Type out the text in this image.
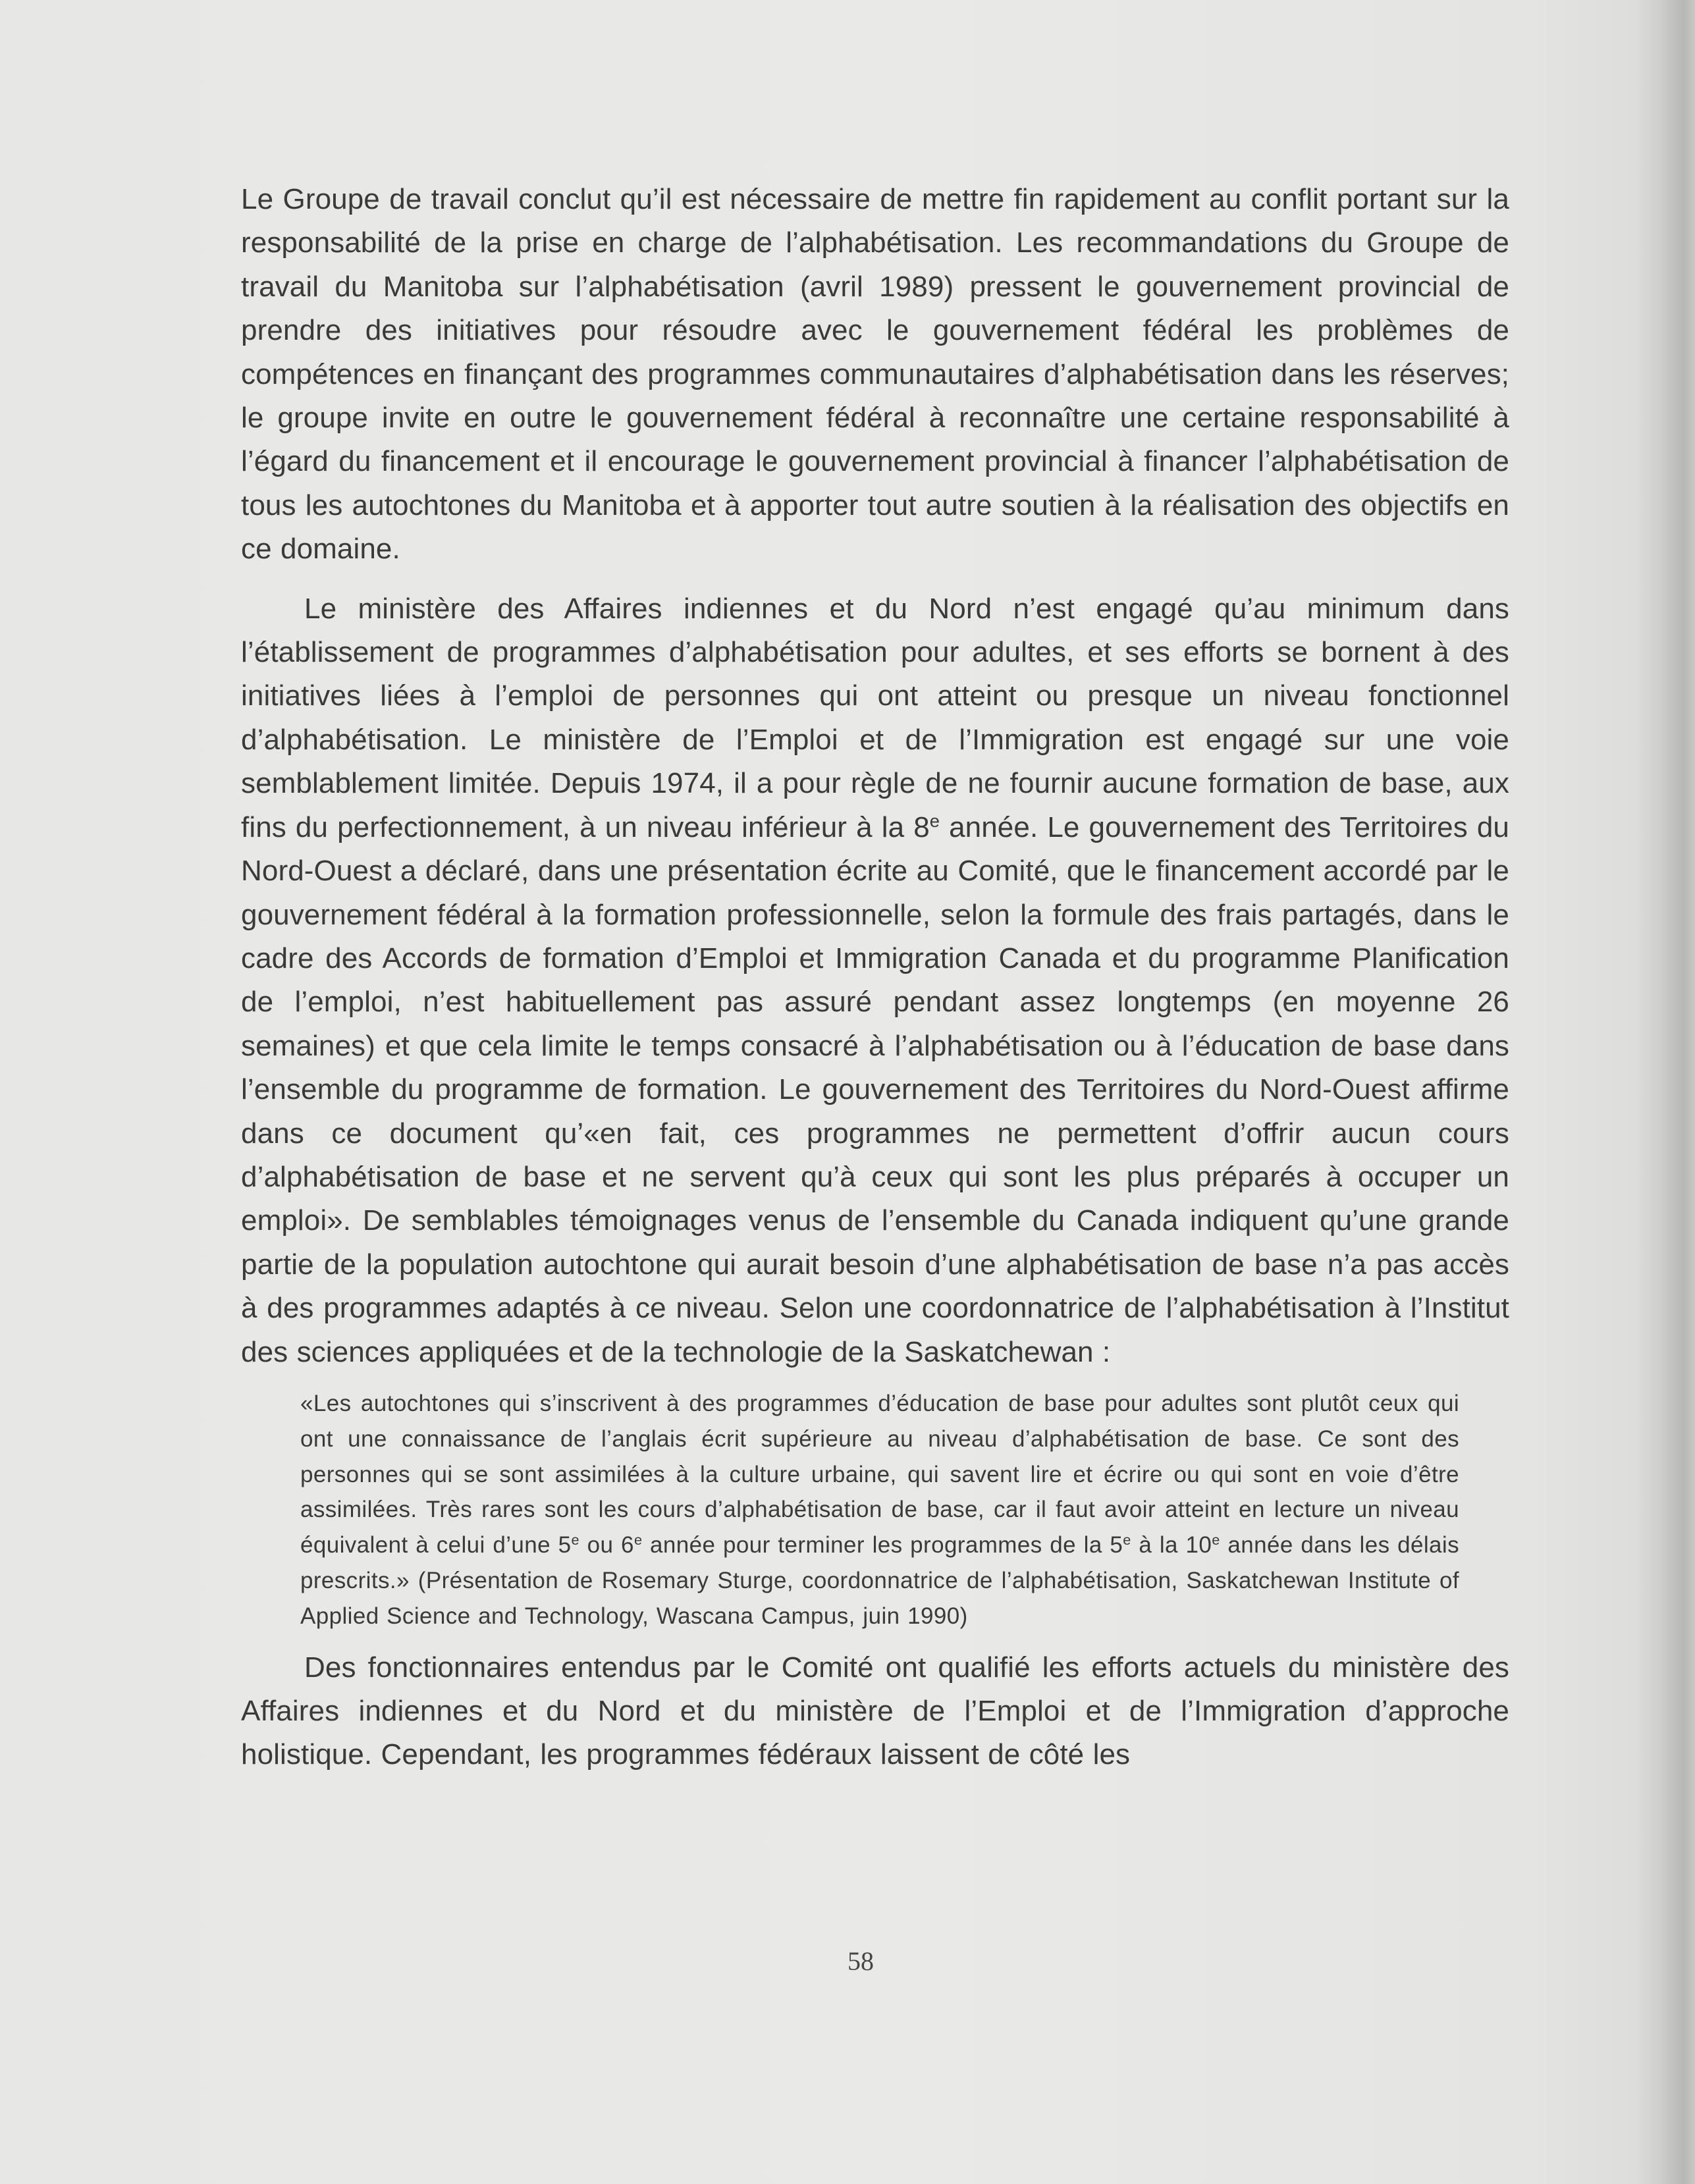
Le Groupe de travail conclut qu’il est nécessaire de mettre fin rapidement au conflit portant sur la responsabilité de la prise en charge de l’alphabétisation. Les recommandations du Groupe de travail du Manitoba sur l’alphabétisation (avril 1989) pressent le gouvernement provincial de prendre des initiatives pour résoudre avec le gouvernement fédéral les problèmes de compétences en finançant des programmes communautaires d’alphabétisation dans les réserves; le groupe invite en outre le gouvernement fédéral à reconnaître une certaine responsabilité à l’égard du financement et il encourage le gouvernement provincial à financer l’alphabétisation de tous les autochtones du Manitoba et à apporter tout autre soutien à la réalisation des objectifs en ce domaine.

Le ministère des Affaires indiennes et du Nord n’est engagé qu’au minimum dans l’établissement de programmes d’alphabétisation pour adultes, et ses efforts se bornent à des initiatives liées à l’emploi de personnes qui ont atteint ou presque un niveau fonctionnel d’alphabétisation. Le ministère de l’Emploi et de l’Immigration est engagé sur une voie semblablement limitée. Depuis 1974, il a pour règle de ne fournir aucune formation de base, aux fins du perfectionnement, à un niveau inférieur à la 8e année. Le gouvernement des Territoires du Nord-Ouest a déclaré, dans une présentation écrite au Comité, que le financement accordé par le gouvernement fédéral à la formation professionnelle, selon la formule des frais partagés, dans le cadre des Accords de formation d’Emploi et Immigration Canada et du programme Planification de l’emploi, n’est habituellement pas assuré pendant assez longtemps (en moyenne 26 semaines) et que cela limite le temps consacré à l’alphabétisation ou à l’éducation de base dans l’ensemble du programme de formation. Le gouvernement des Territoires du Nord-Ouest affirme dans ce document qu’«en fait, ces programmes ne permettent d’offrir aucun cours d’alphabétisation de base et ne servent qu’à ceux qui sont les plus préparés à occuper un emploi». De semblables témoignages venus de l’ensemble du Canada indiquent qu’une grande partie de la population autochtone qui aurait besoin d’une alphabétisation de base n’a pas accès à des programmes adaptés à ce niveau. Selon une coordonnatrice de l’alphabétisation à l’Institut des sciences appliquées et de la technologie de la Saskatchewan :

«Les autochtones qui s’inscrivent à des programmes d’éducation de base pour adultes sont plutôt ceux qui ont une connaissance de l’anglais écrit supérieure au niveau d’alphabétisation de base. Ce sont des personnes qui se sont assimilées à la culture urbaine, qui savent lire et écrire ou qui sont en voie d’être assimilées. Très rares sont les cours d’alphabétisation de base, car il faut avoir atteint en lecture un niveau équivalent à celui d’une 5e ou 6e année pour terminer les programmes de la 5e à la 10e année dans les délais prescrits.» (Présentation de Rosemary Sturge, coordonnatrice de l’alphabétisation, Saskatchewan Institute of Applied Science and Technology, Wascana Campus, juin 1990)

Des fonctionnaires entendus par le Comité ont qualifié les efforts actuels du ministère des Affaires indiennes et du Nord et du ministère de l’Emploi et de l’Immigration d’approche holistique. Cependant, les programmes fédéraux laissent de côté les

58
